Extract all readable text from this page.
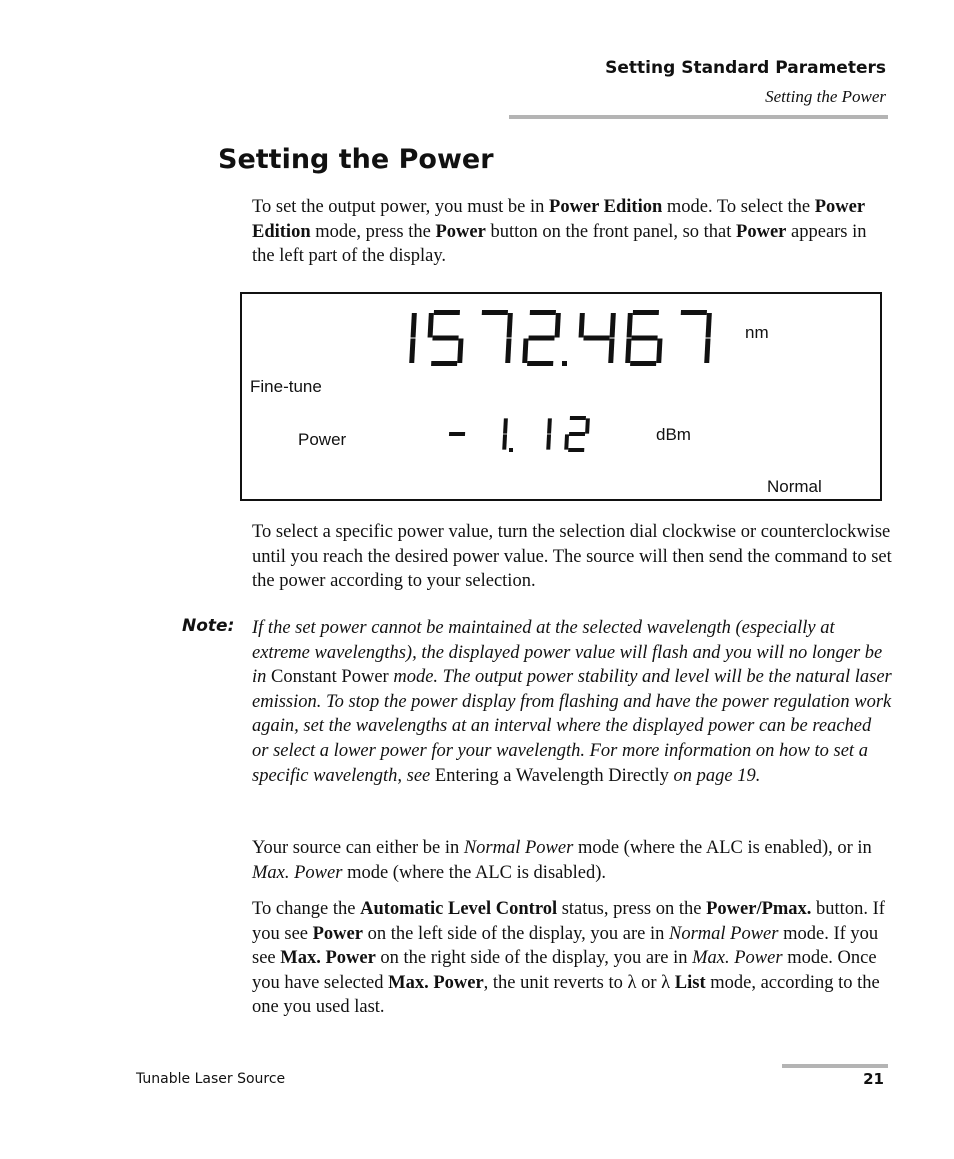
Setting Standard Parameters
Setting the Power
Setting the Power

To set the output power, you must be in Power Edition mode. To select the Power Edition mode, press the Power button on the front panel, so that Power appears in the left part of the display.

nm
Fine-tune
Power	dBm
Normal

To select a specific power value, turn the selection dial clockwise or counterclockwise until you reach the desired power value. The source will then send the command to set the power according to your selection.

Note: If the set power cannot be maintained at the selected wavelength (especially at extreme wavelengths), the displayed power value will flash and you will no longer be in Constant Power mode. The output power stability and level will be the natural laser emission. To stop the power display from flashing and have the power regulation work again, set the wavelengths at an interval where the displayed power can be reached or select a lower power for your wavelength. For more information on how to set a specific wavelength, see Entering a Wavelength Directly on page 19.

Your source can either be in Normal Power mode (where the ALC is enabled), or in Max. Power mode (where the ALC is disabled).

To change the Automatic Level Control status, press on the Power/Pmax. button. If you see Power on the left side of the display, you are in Normal Power mode. If you see Max. Power on the right side of the display, you are in Max. Power mode. Once you have selected Max. Power, the unit reverts to λ or λ List mode, according to the one you used last.

Tunable Laser Source	21
